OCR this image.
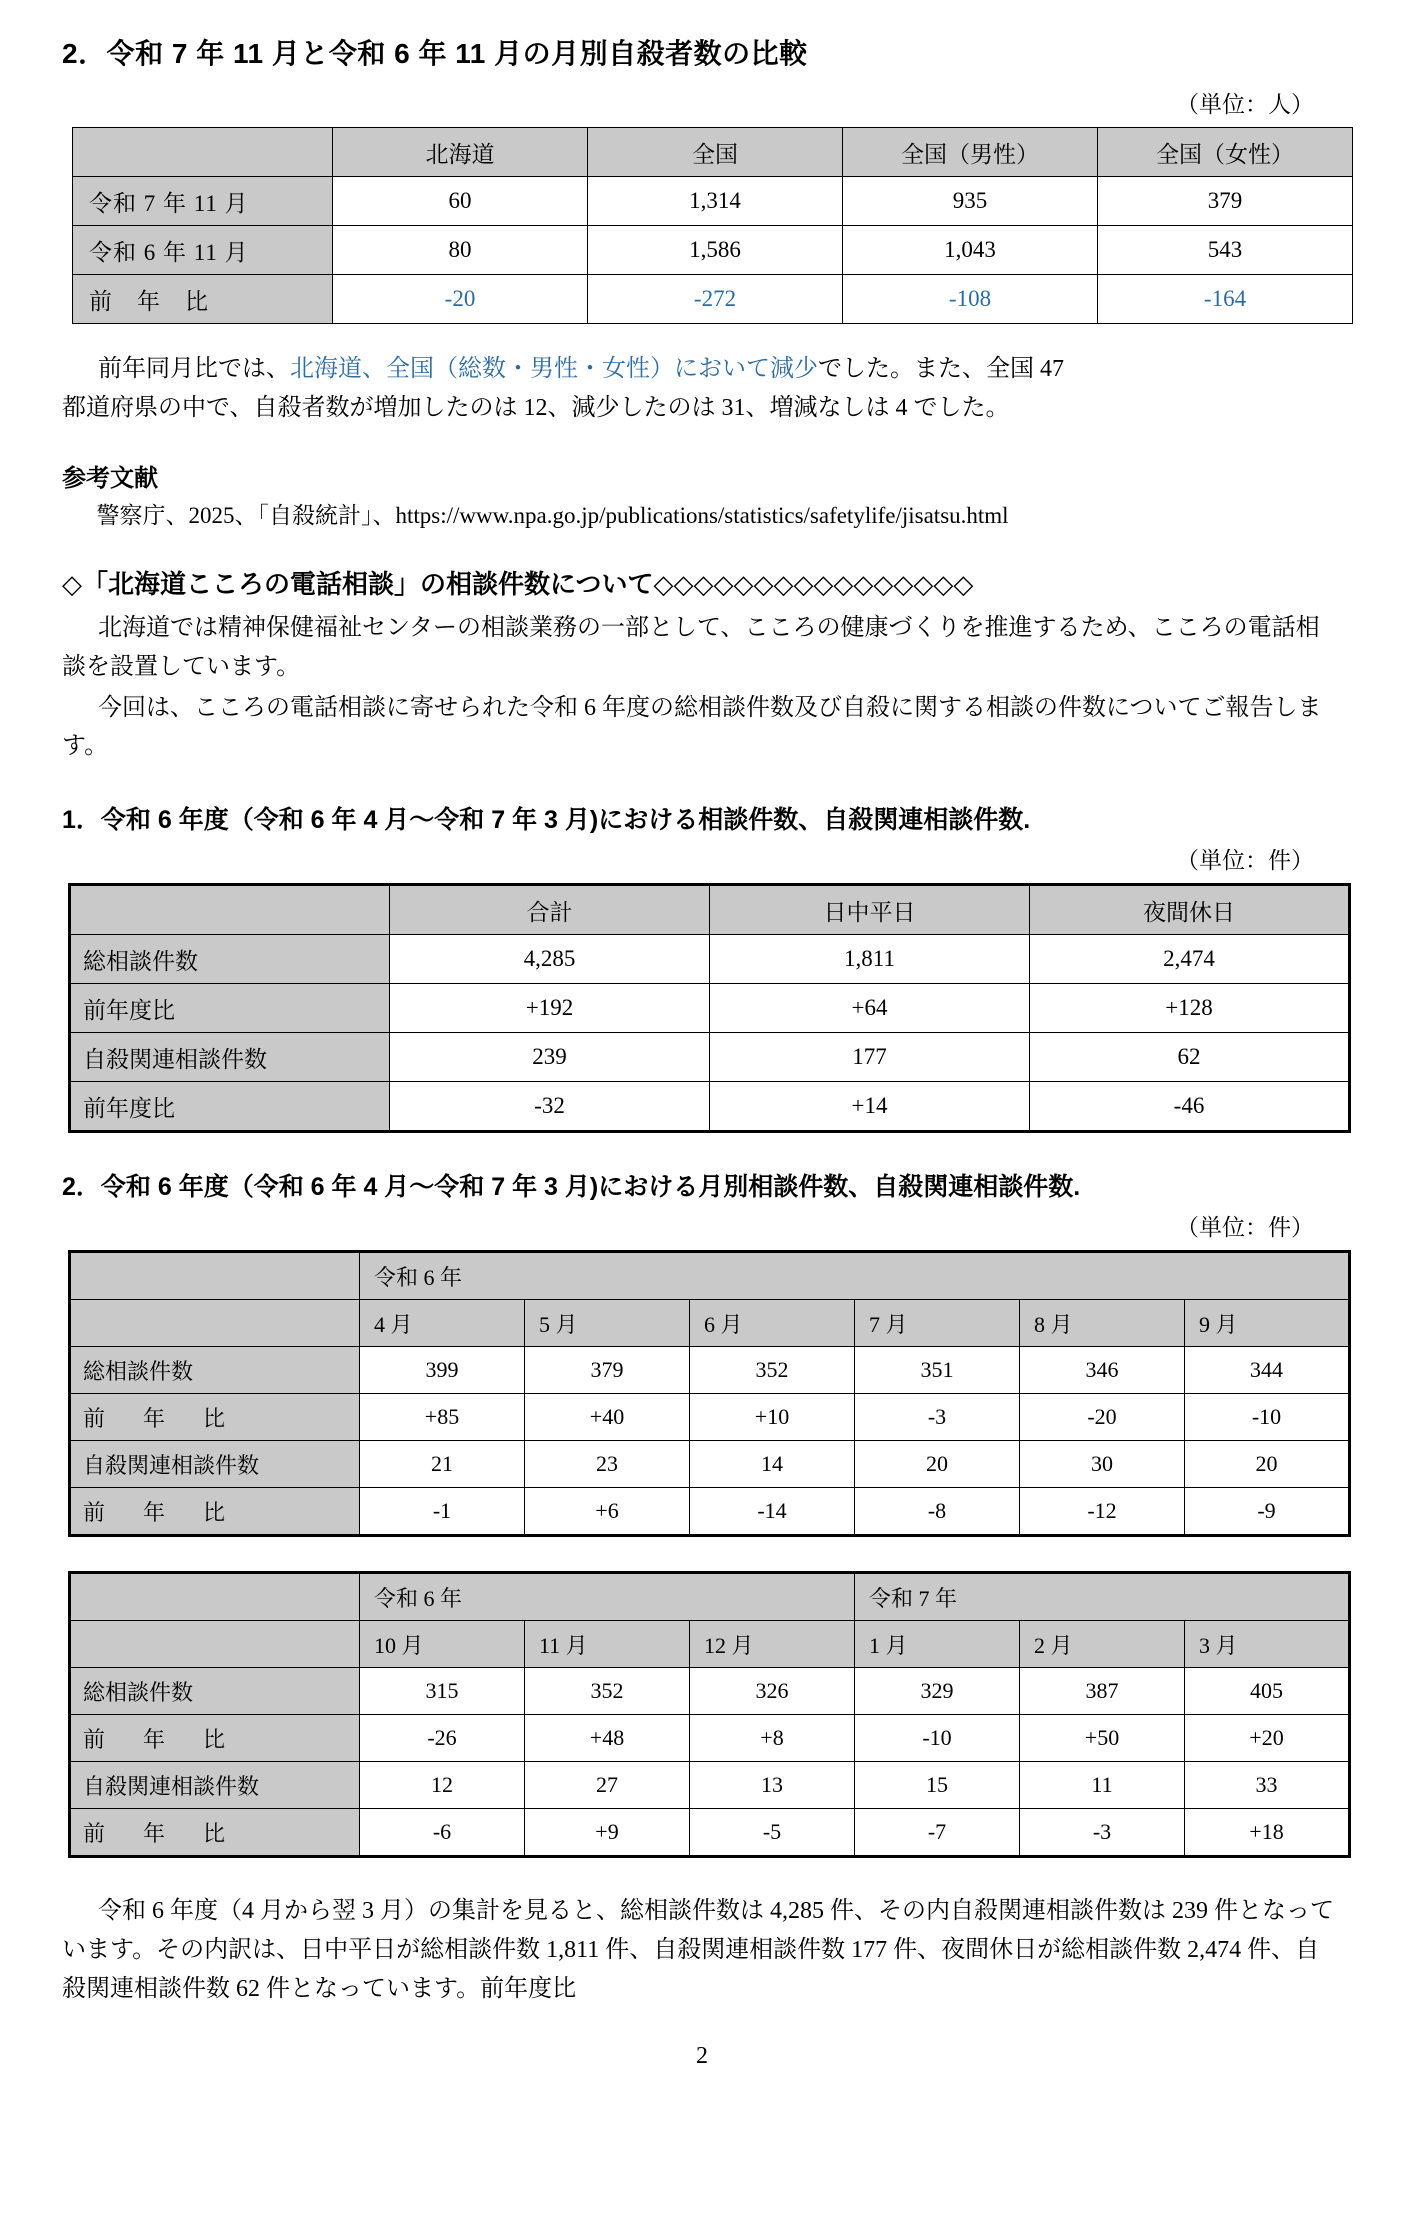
2．令和 7 年 11 月と令和 6 年 11 月の月別自殺者数の比較
（単位：人）
	北海道	全国	全国（男性）	全国（女性）
令和 7 年 11 月	60	1,314	935	379
令和 6 年 11 月	80	1,586	1,043	543
前　年　比	-20	-272	-108	-164

前年同月比では、北海道、全国（総数・男性・女性）において減少でした。また、全国 47
都道府県の中で、自殺者数が増加したのは 12、減少したのは 31、増減なしは 4 でした。

参考文献
警察庁、2025、「自殺統計」、https://www.npa.go.jp/publications/statistics/safetylife/jisatsu.html
◇「北海道こころの電話相談」の相談件数について◇◇◇◇◇◇◇◇◇◇◇◇◇◇◇◇

北海道では精神保健福祉センターの相談業務の一部として、こころの健康づくりを推進するため、こころの電話相談を設置しています。

今回は、こころの電話相談に寄せられた令和 6 年度の総相談件数及び自殺に関する相談の件数についてご報告します。

1．令和 6 年度（令和 6 年 4 月〜令和 7 年 3 月)における相談件数、自殺関連相談件数.
（単位：件）
	合計	日中平日	夜間休日
総相談件数	4,285	1,811	2,474
前年度比	+192	+64	+128
自殺関連相談件数	239	177	62
前年度比	-32	+14	-46
2．令和 6 年度（令和 6 年 4 月〜令和 7 年 3 月)における月別相談件数、自殺関連相談件数.
（単位：件）
	令和 6 年					
	4 月	5 月	6 月	7 月	8 月	9 月
総相談件数	399	379	352	351	346	344
前　年　比	+85	+40	+10	-3	-20	-10
自殺関連相談件数	21	23	14	20	30	20
前　年　比	-1	+6	-14	-8	-12	-9
	令和 6 年			令和 7 年		
	10 月	11 月	12 月	1 月	2 月	3 月
総相談件数	315	352	326	329	387	405
前　年　比	-26	+48	+8	-10	+50	+20
自殺関連相談件数	12	27	13	15	11	33
前　年　比	-6	+9	-5	-7	-3	+18

令和 6 年度（4 月から翌 3 月）の集計を見ると、総相談件数は 4,285 件、その内自殺関連相談件数は 239 件となっています。その内訳は、日中平日が総相談件数 1,811 件、自殺関連相談件数 177 件、夜間休日が総相談件数 2,474 件、自殺関連相談件数 62 件となっています。前年度比

2
